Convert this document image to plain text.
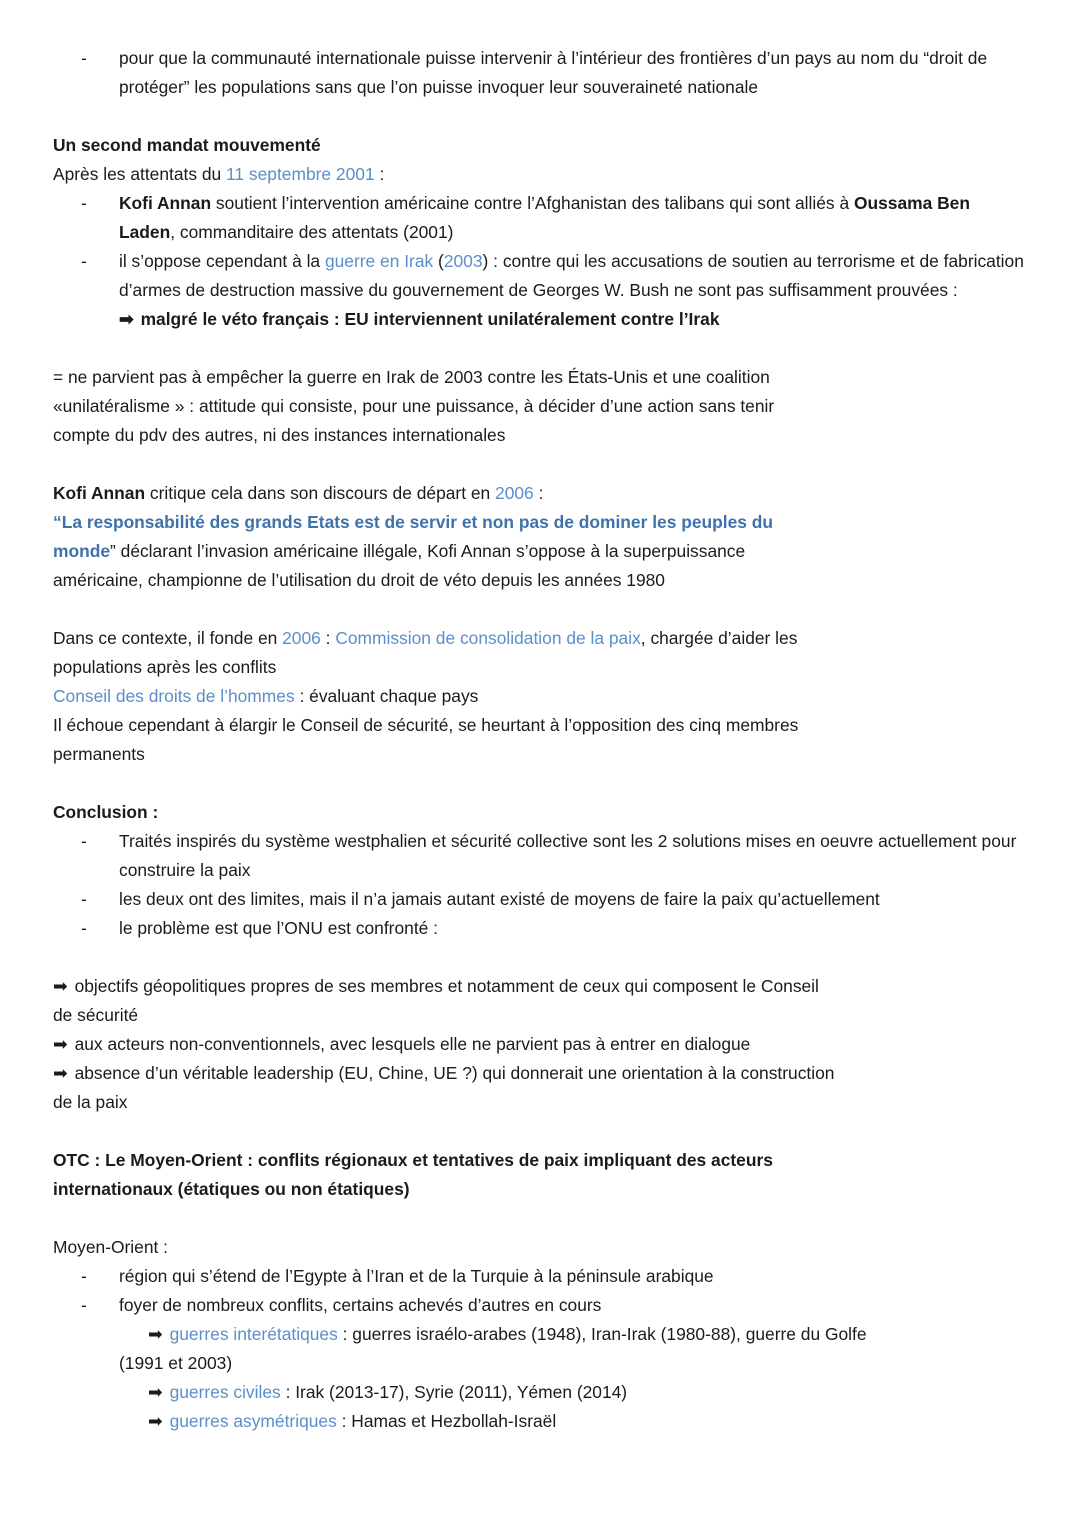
-	pour que la communauté internationale puisse intervenir à l’intérieur des frontières d’un pays au nom du “droit de protéger” les populations sans que l’on puisse invoquer leur souveraineté nationale

Un second mandat mouvementé

Après les attentats du 11 septembre 2001 :

-	Kofi Annan soutient l’intervention américaine contre l’Afghanistan des talibans qui sont alliés à Oussama Ben Laden, commanditaire des attentats (2001)
-	il s’oppose cependant à la guerre en Irak (2003) : contre qui les accusations de soutien au terrorisme et de fabrication d’armes de destruction massive du gouvernement de Georges W. Bush ne sont pas suffisamment prouvées :

➡ malgré le véto français : EU interviennent unilatéralement contre l’Irak

= ne parvient pas à empêcher la guerre en Irak de 2003 contre les États-Unis et une coalition

«unilatéralisme » : attitude qui consiste, pour une puissance, à décider d’une action sans tenir

compte du pdv des autres, ni des instances internationales

Kofi Annan critique cela dans son discours de départ en 2006 :

“La responsabilité des grands Etats est de servir et non pas de dominer les peuples du

monde” déclarant l’invasion américaine illégale, Kofi Annan s’oppose à la superpuissance

américaine, championne de l’utilisation du droit de véto depuis les années 1980

Dans ce contexte, il fonde en 2006 : Commission de consolidation de la paix, chargée d’aider les

populations après les conflits

Conseil des droits de l’hommes : évaluant chaque pays

Il échoue cependant à élargir le Conseil de sécurité, se heurtant à l’opposition des cinq membres

permanents

Conclusion :

-	Traités inspirés du système westphalien et sécurité collective sont les 2 solutions mises en oeuvre actuellement pour construire la paix
-	les deux ont des limites, mais il n’a jamais autant existé de moyens de faire la paix qu’actuellement
-	le problème est que l’ONU est confronté :

➡ objectifs géopolitiques propres de ses membres et notamment de ceux qui composent le Conseil

de sécurité

➡ aux acteurs non-conventionnels, avec lesquels elle ne parvient pas à entrer en dialogue

➡ absence d’un véritable leadership (EU, Chine, UE ?) qui donnerait une orientation à la construction

de la paix

OTC : Le Moyen-Orient : conflits régionaux et tentatives de paix impliquant des acteurs

internationaux (étatiques ou non étatiques)

Moyen-Orient :

-	région qui s’étend de l’Egypte à l’Iran et de la Turquie à la péninsule arabique
-	foyer de nombreux conflits, certains achevés d’autres en cours

➡ guerres interétatiques : guerres israélo-arabes (1948), Iran-Irak (1980-88), guerre du Golfe

(1991 et 2003)

➡ guerres civiles : Irak (2013-17), Syrie (2011), Yémen (2014)

➡ guerres asymétriques : Hamas et Hezbollah-Israël
